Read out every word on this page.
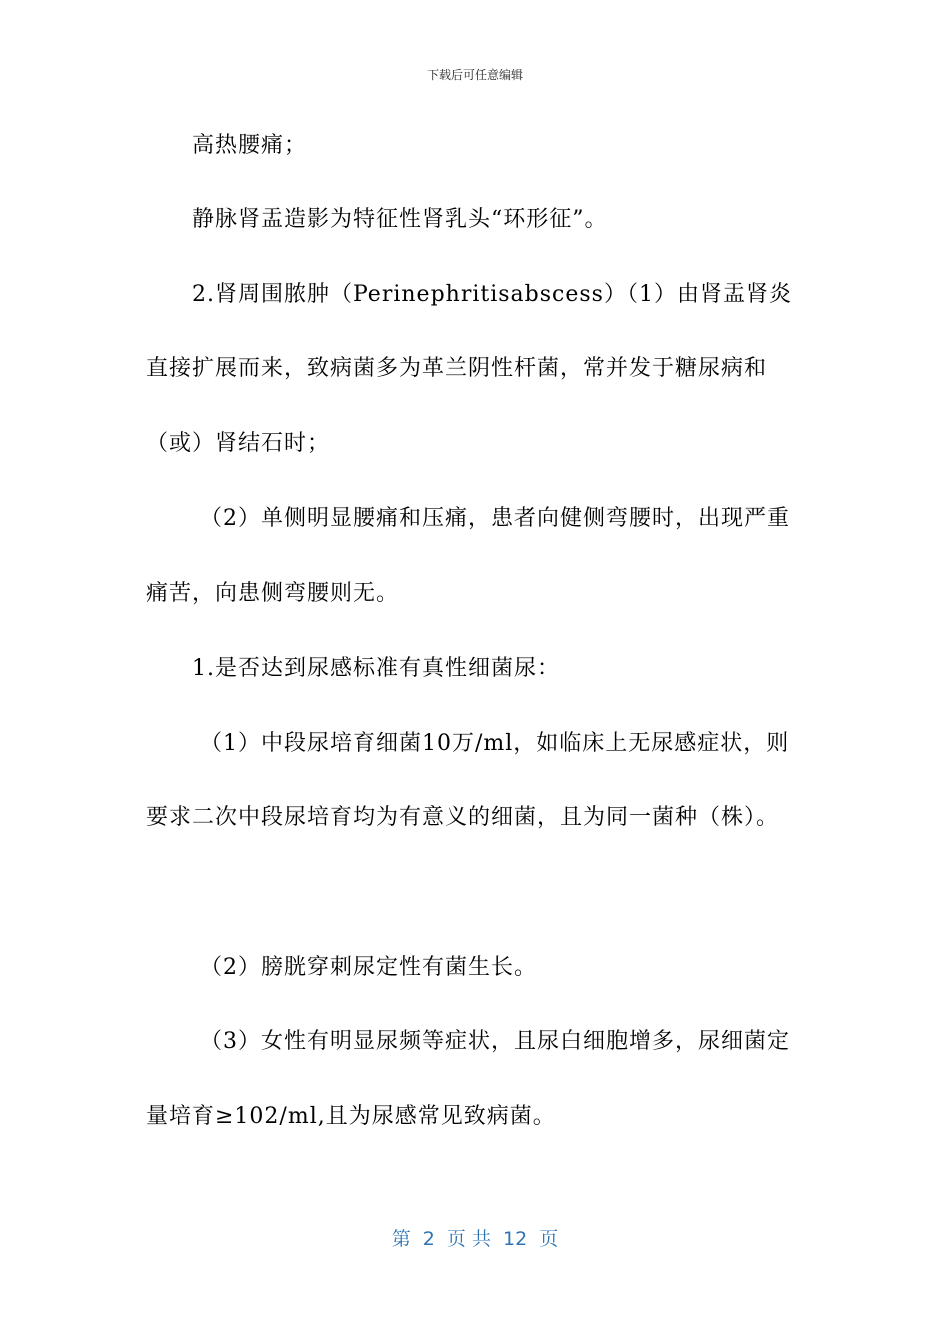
下载后可任意编辑
高热腰痛；
静脉肾盂造影为特征性肾乳头“环形征”。
2.肾周围脓肿（Perinephritisabscess）（1）由肾盂肾炎
直接扩展而来，致病菌多为革兰阴性杆菌，常并发于糖尿病和
（或）肾结石时；
（2）单侧明显腰痛和压痛，患者向健侧弯腰时，出现严重
痛苦，向患侧弯腰则无。
1.是否达到尿感标准有真性细菌尿：
（1）中段尿培育细菌10万/ml，如临床上无尿感症状，则
要求二次中段尿培育均为有意义的细菌，且为同一菌种（株）。
（2）膀胱穿刺尿定性有菌生长。
（3）女性有明显尿频等症状，且尿白细胞增多，尿细菌定
量培育≥102/ml,且为尿感常见致病菌。
第  2  页 共  12  页
